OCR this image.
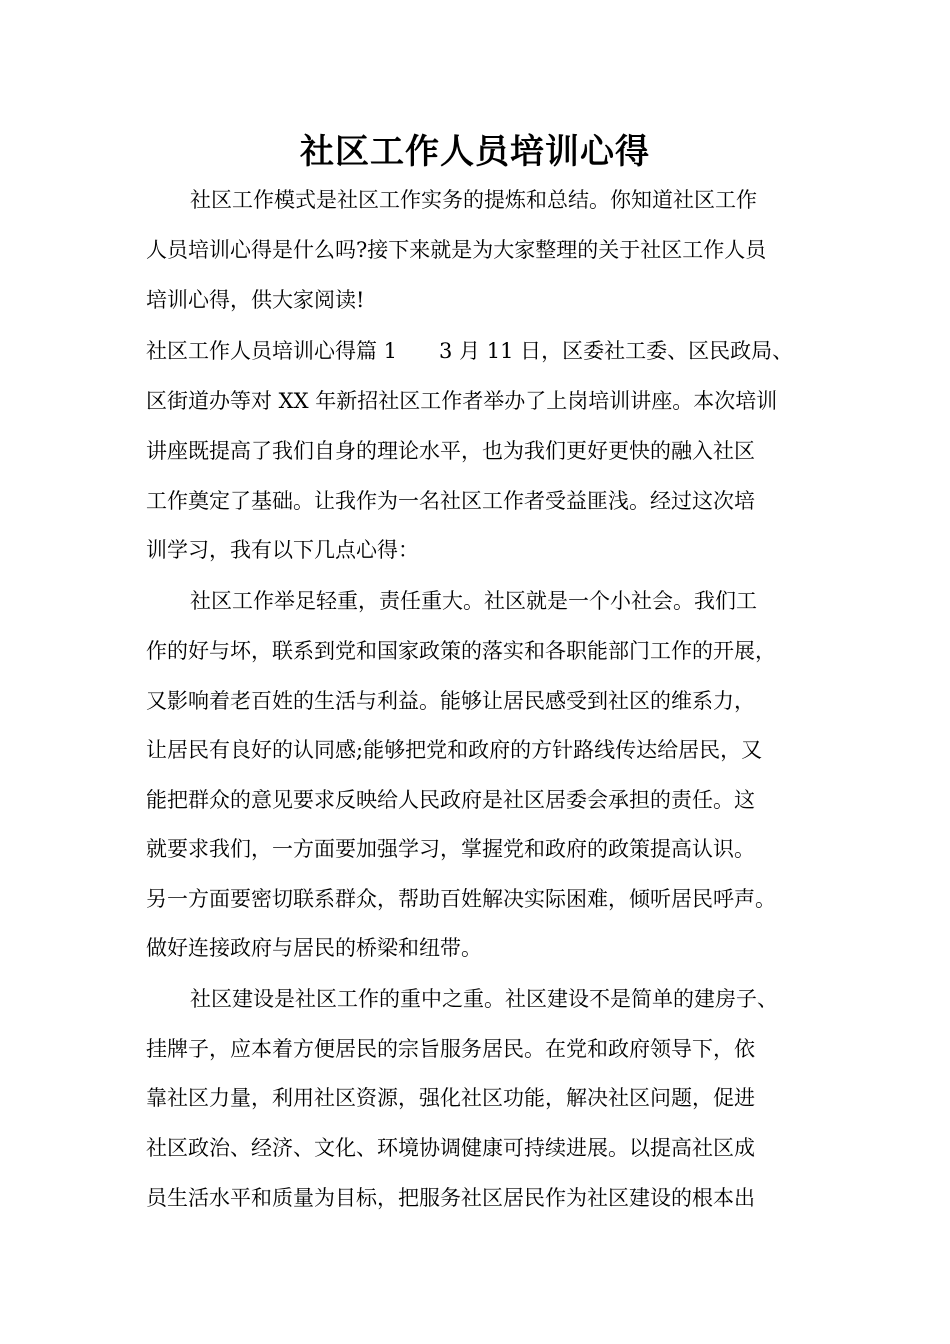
社区工作人员培训心得
社区工作模式是社区工作实务的提炼和总结。你知道社区工作
人员培训心得是什么吗?接下来就是为大家整理的关于社区工作人员
培训心得，供大家阅读!
社区工作人员培训心得篇 1　　3 月 11 日，区委社工委、区民政局、
区街道办等对 XX 年新招社区工作者举办了上岗培训讲座。本次培训
讲座既提高了我们自身的理论水平，也为我们更好更快的融入社区
工作奠定了基础。让我作为一名社区工作者受益匪浅。经过这次培
训学习，我有以下几点心得：
社区工作举足轻重，责任重大。社区就是一个小社会。我们工
作的好与坏，联系到党和国家政策的落实和各职能部门工作的开展，
又影响着老百姓的生活与利益。能够让居民感受到社区的维系力，
让居民有良好的认同感;能够把党和政府的方针路线传达给居民，又
能把群众的意见要求反映给人民政府是社区居委会承担的责任。这
就要求我们，一方面要加强学习，掌握党和政府的政策提高认识。
另一方面要密切联系群众，帮助百姓解决实际困难，倾听居民呼声。
做好连接政府与居民的桥梁和纽带。
社区建设是社区工作的重中之重。社区建设不是简单的建房子、
挂牌子，应本着方便居民的宗旨服务居民。在党和政府领导下，依
靠社区力量，利用社区资源，强化社区功能，解决社区问题，促进
社区政治、经济、文化、环境协调健康可持续进展。以提高社区成
员生活水平和质量为目标，把服务社区居民作为社区建设的根本出
